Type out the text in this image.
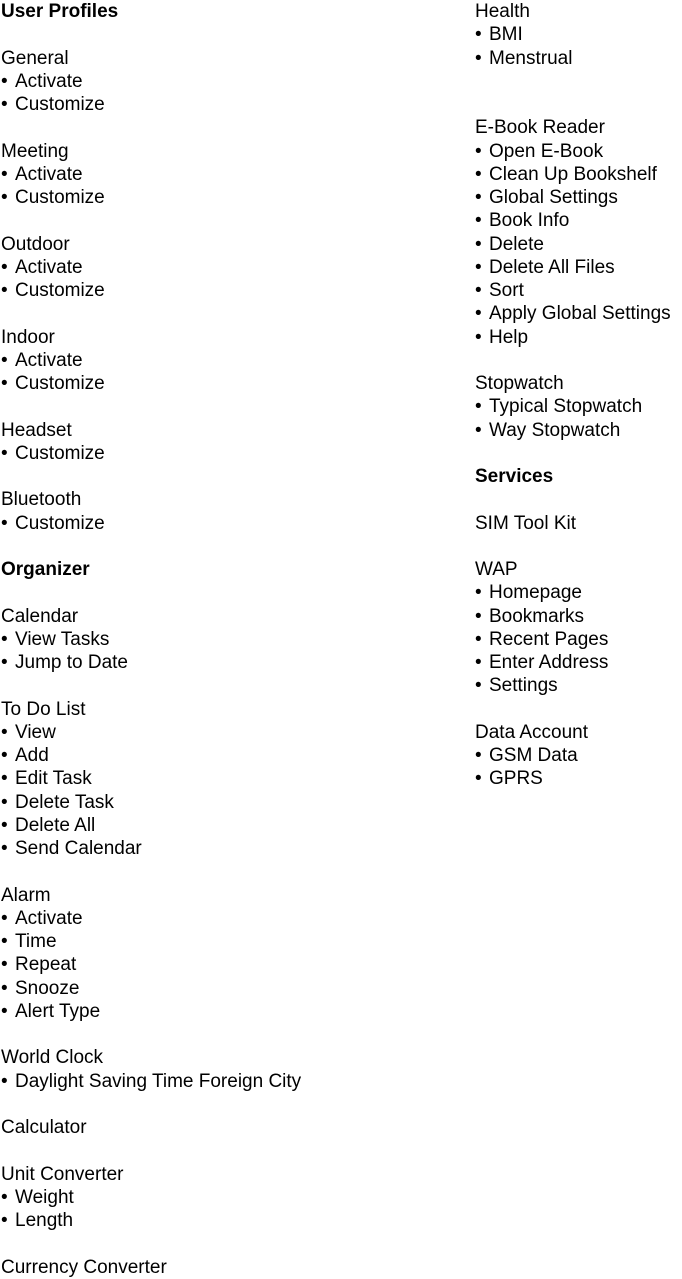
User Profiles
General
• Activate
• Customize
Meeting
• Activate
• Customize
Outdoor
• Activate
• Customize
Indoor
• Activate
• Customize
Headset
• Customize
Bluetooth
• Customize
Organizer
Calendar
• View Tasks
• Jump to Date
To Do List
• View
• Add
• Edit Task
• Delete Task
• Delete All
• Send Calendar
Alarm
• Activate
• Time
• Repeat
• Snooze
• Alert Type
World Clock
• Daylight Saving Time Foreign City
Calculator
Unit Converter
• Weight
• Length
Currency Converter
Health
• BMI
• Menstrual
E-Book Reader
• Open E-Book
• Clean Up Bookshelf
• Global Settings
• Book Info
• Delete
• Delete All Files
• Sort
• Apply Global Settings
• Help
Stopwatch
• Typical Stopwatch
• Way Stopwatch
Services
SIM Tool Kit
WAP
• Homepage
• Bookmarks
• Recent Pages
• Enter Address
• Settings
Data Account
• GSM Data
• GPRS
